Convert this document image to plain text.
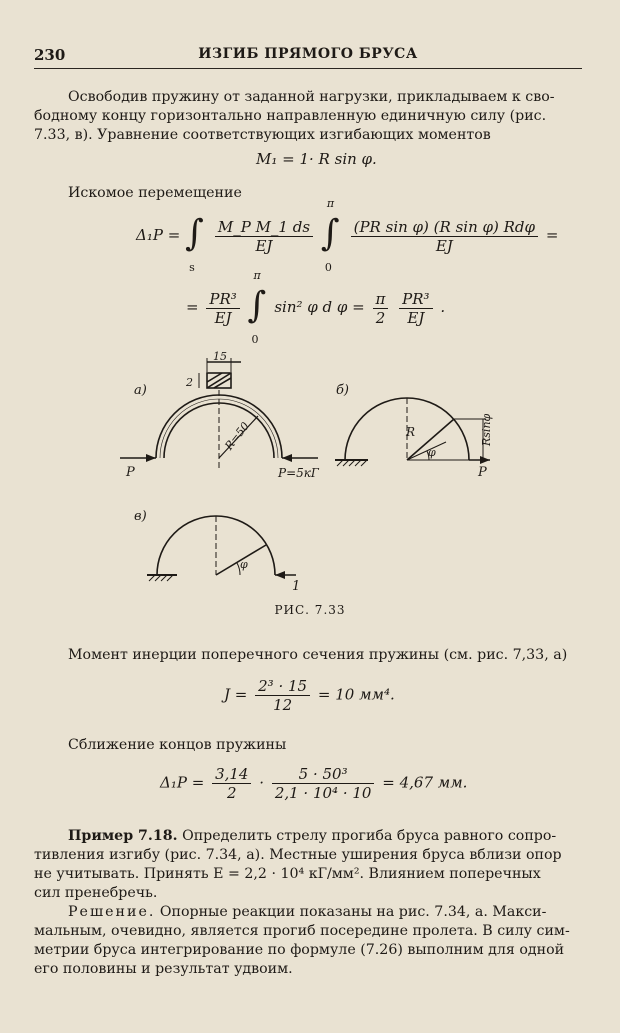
230	ИЗГИБ ПРЯМОГО БРУСА
Освободив пружину от заданной нагрузки, прикладываем к сво-
бодному концу горизонтально направленную единичную силу (рис.
7.33, в). Уравнение соответствующих изгибающих моментов
M₁ = 1· R sin φ.
Искомое перемещение
Δ₁P = ∫
s

$\frac{\text{M\_P M\_1 ds}}{EJ}$ ∫
π
0

$\frac{\text{(PR sin φ) (R sin φ) Rdφ}}{EJ}$ =
= $\frac{\text{PR³}}{EJ}$ ∫
π
0
sin² φ d $\varphi = \frac{\pi}{2}$
$\frac{\text{PR³}}{EJ}$ .
а)
15
2
R=50
P	P=5кГ
б)
R
φ
Rsinφ
P
в)
φ
1
РИС. 7.33
Момент инерции поперечного сечения пружины (см. рис. 7,33, а)
$J = \frac{\text{2³ · 15}}{12} = 10$ мм⁴.
Сближение концов пружины
$\Delta_1P = \frac{3,14}{2} \cdot \frac{\text{5 · 50³}}{\text{2,1 · 10⁴ · 10}} = 4,67$ мм.
Пример 7.18. Определить стрелу прогиба бруса равного сопро-
тивления изгибу (рис. 7.34, а). Местные уширения бруса вблизи опор
не учитывать. Принять E = 2,2 · 10⁴ кГ/мм². Влиянием поперечных
сил пренебречь.
Решение. Опорные реакции показаны на рис. 7.34, а. Макси-
мальным, очевидно, является прогиб посередине пролета. В силу сим-
метрии бруса интегрирование по формуле (7.26) выполним для одной
его половины и результат удвоим.
